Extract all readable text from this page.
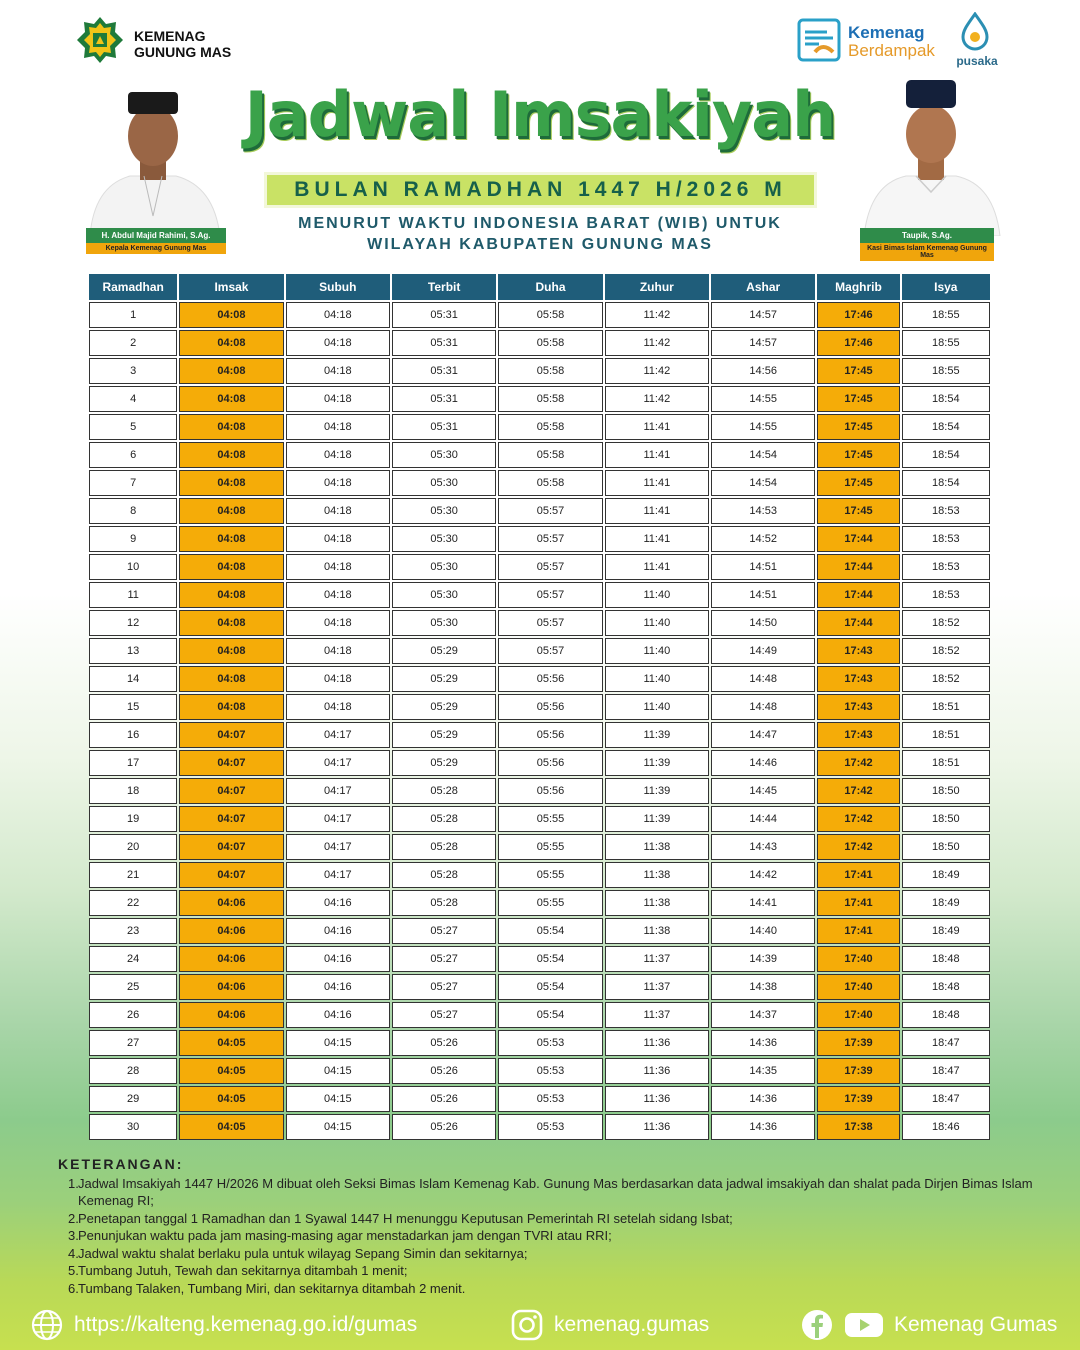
KEMENAG
GUNUNG MAS
Kemenag
Berdampak
pusaka
Jadwal Imsakiyah
BULAN RAMADHAN 1447 H/2026 M
MENURUT WAKTU INDONESIA BARAT (WIB) UNTUK
WILAYAH KABUPATEN GUNUNG MAS
H. Abdul Majid Rahimi, S.Ag.
Kepala Kemenag Gunung Mas
Taupik, S.Ag.
Kasi Bimas Islam Kemenag Gunung Mas
Ramadhan	Imsak	Subuh	Terbit	Duha	Zuhur	Ashar	Maghrib	Isya
1	04:08	04:18	05:31	05:58	11:42	14:57	17:46	18:55
2	04:08	04:18	05:31	05:58	11:42	14:57	17:46	18:55
3	04:08	04:18	05:31	05:58	11:42	14:56	17:45	18:55
4	04:08	04:18	05:31	05:58	11:42	14:55	17:45	18:54
5	04:08	04:18	05:31	05:58	11:41	14:55	17:45	18:54
6	04:08	04:18	05:30	05:58	11:41	14:54	17:45	18:54
7	04:08	04:18	05:30	05:58	11:41	14:54	17:45	18:54
8	04:08	04:18	05:30	05:57	11:41	14:53	17:45	18:53
9	04:08	04:18	05:30	05:57	11:41	14:52	17:44	18:53
10	04:08	04:18	05:30	05:57	11:41	14:51	17:44	18:53
11	04:08	04:18	05:30	05:57	11:40	14:51	17:44	18:53
12	04:08	04:18	05:30	05:57	11:40	14:50	17:44	18:52
13	04:08	04:18	05:29	05:57	11:40	14:49	17:43	18:52
14	04:08	04:18	05:29	05:56	11:40	14:48	17:43	18:52
15	04:08	04:18	05:29	05:56	11:40	14:48	17:43	18:51
16	04:07	04:17	05:29	05:56	11:39	14:47	17:43	18:51
17	04:07	04:17	05:29	05:56	11:39	14:46	17:42	18:51
18	04:07	04:17	05:28	05:56	11:39	14:45	17:42	18:50
19	04:07	04:17	05:28	05:55	11:39	14:44	17:42	18:50
20	04:07	04:17	05:28	05:55	11:38	14:43	17:42	18:50
21	04:07	04:17	05:28	05:55	11:38	14:42	17:41	18:49
22	04:06	04:16	05:28	05:55	11:38	14:41	17:41	18:49
23	04:06	04:16	05:27	05:54	11:38	14:40	17:41	18:49
24	04:06	04:16	05:27	05:54	11:37	14:39	17:40	18:48
25	04:06	04:16	05:27	05:54	11:37	14:38	17:40	18:48
26	04:06	04:16	05:27	05:54	11:37	14:37	17:40	18:48
27	04:05	04:15	05:26	05:53	11:36	14:36	17:39	18:47
28	04:05	04:15	05:26	05:53	11:36	14:35	17:39	18:47
29	04:05	04:15	05:26	05:53	11:36	14:36	17:39	18:47
30	04:05	04:15	05:26	05:53	11:36	14:36	17:38	18:46
KETERANGAN:
1. Jadwal Imsakiyah 1447 H/2026 M dibuat oleh Seksi Bimas Islam Kemenag Kab. Gunung Mas berdasarkan data jadwal imsakiyah dan shalat pada Dirjen Bimas Islam Kemenag RI;
2. Penetapan tanggal 1 Ramadhan dan 1 Syawal 1447 H menunggu Keputusan Pemerintah RI setelah sidang Isbat;
3. Penunjukan waktu pada jam masing-masing agar menstadarkan jam dengan TVRI atau RRI;
4. Jadwal waktu shalat berlaku pula untuk wilayag Sepang Simin dan sekitarnya;
5. Tumbang Jutuh, Tewah dan sekitarnya ditambah 1 menit;
6. Tumbang Talaken, Tumbang Miri, dan sekitarnya ditambah 2 menit.
https://kalteng.kemenag.go.id/gumas	kemenag.gumas	Kemenag Gumas
